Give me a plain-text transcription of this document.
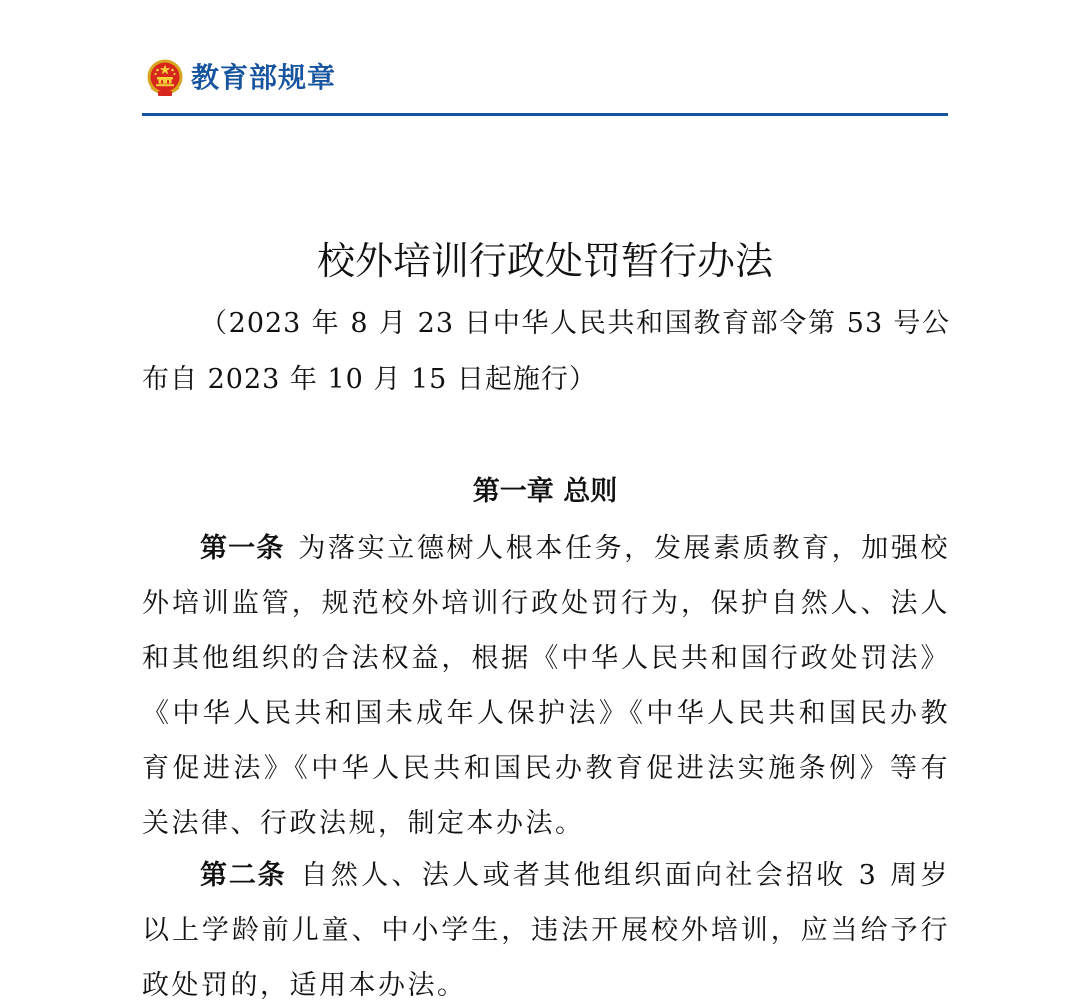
教育部规章
校外培训行政处罚暂行办法
（2023 年 8 月 23 日中华人民共和国教育部令第 53 号公布自 2023 年 10 月 15 日起施行）
第一章 总则
第一条 为落实立德树人根本任务，发展素质教育，加强校外培训监管，规范校外培训行政处罚行为，保护自然人、法人和其他组织的合法权益，根据《中华人民共和国行政处罚法》《中华人民共和国未成年人保护法》《中华人民共和国民办教育促进法》《中华人民共和国民办教育促进法实施条例》等有关法律、行政法规，制定本办法。
第二条 自然人、法人或者其他组织面向社会招收 3 周岁以上学龄前儿童、中小学生，违法开展校外培训，应当给予行政处罚的，适用本办法。
